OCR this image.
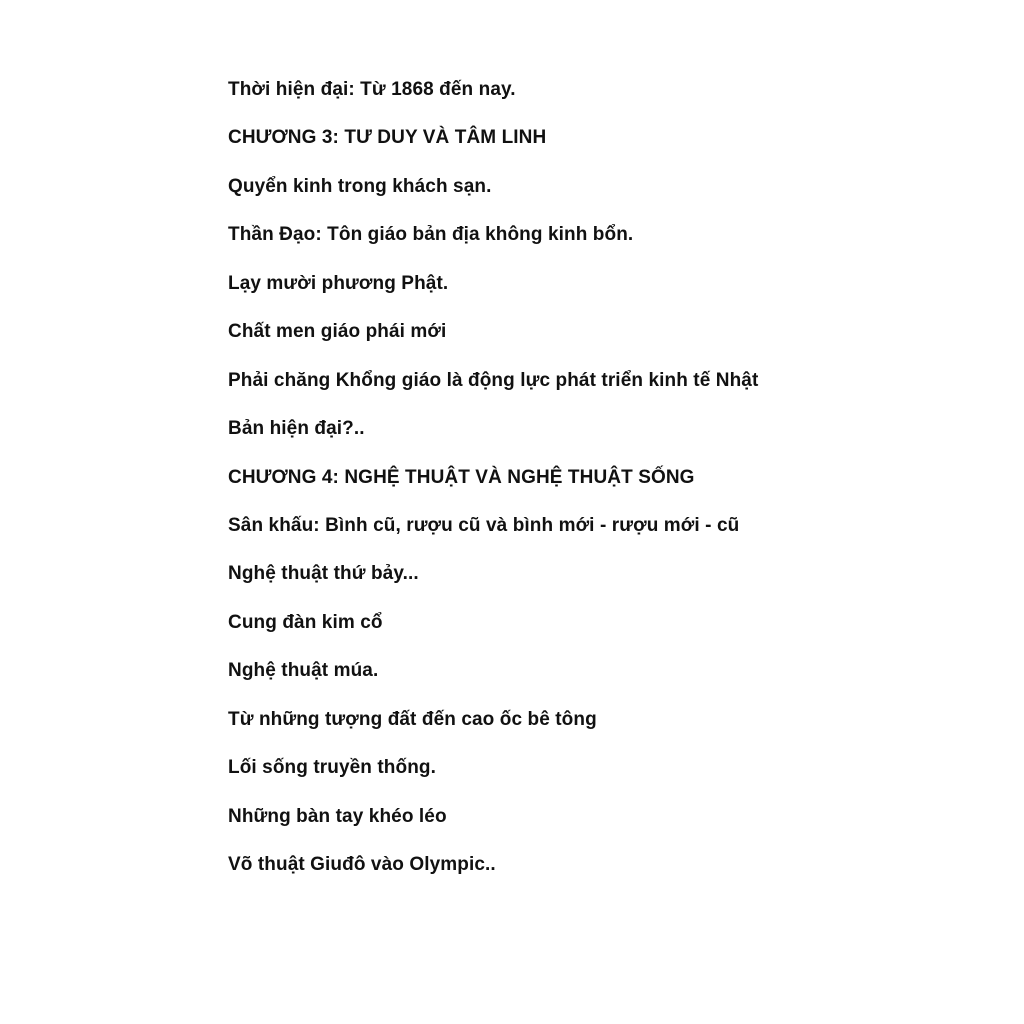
Thời hiện đại: Từ 1868 đến nay.
CHƯƠNG 3: TƯ DUY VÀ TÂM LINH
Quyển kinh trong khách sạn.
Thần Đạo: Tôn giáo bản địa không kinh bổn.
Lạy mười phương Phật.
Chất men giáo phái mới
Phải chăng Khổng giáo là động lực phát triển kinh tế Nhật
Bản hiện đại?..
CHƯƠNG 4: NGHỆ THUẬT VÀ NGHỆ THUẬT SỐNG
Sân khấu: Bình cũ, rượu cũ và bình mới - rượu mới - cũ
Nghệ thuật thứ bảy...
Cung đàn kim cổ
Nghệ thuật múa.
Từ những tượng đất đến cao ốc bê tông
Lối sống truyền thống.
Những bàn tay khéo léo
Võ thuật Giuđô vào Olympic..
